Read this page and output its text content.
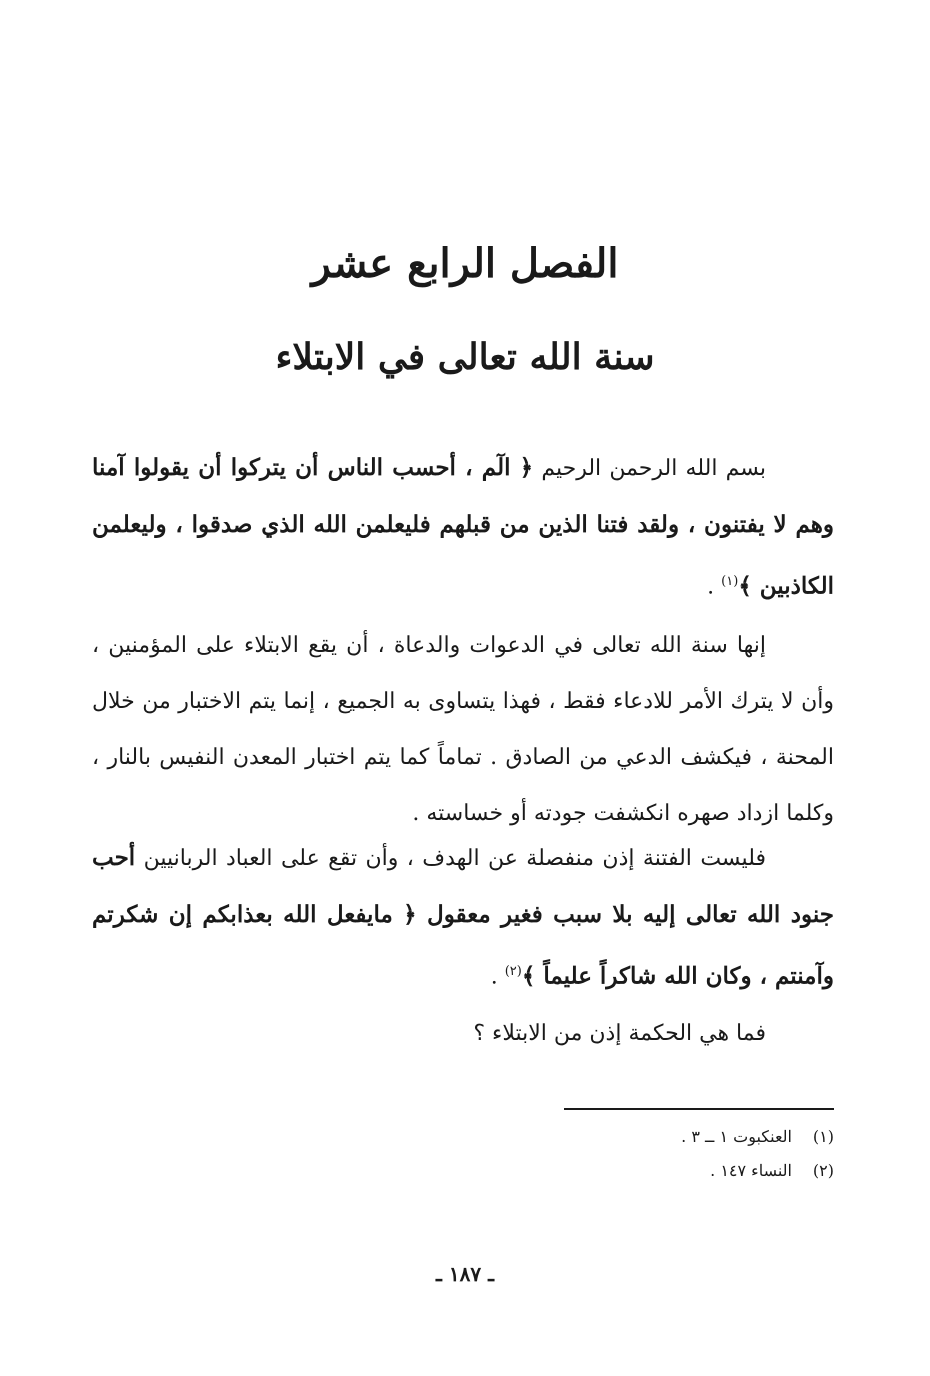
الفصل الرابع عشر
سنة الله تعالى في الابتلاء
بسم الله الرحمن الرحيم ﴿ الٓم ، أحسب الناس أن يتركوا أن يقولوا آمنا وهم لا يفتنون ، ولقد فتنا الذين من قبلهم فليعلمن الله الذي صدقوا ، وليعلمن الكاذبين ﴾$^{(١)}$ .
إنها سنة الله تعالى في الدعوات والدعاة ، أن يقع الابتلاء على المؤمنين ، وأن لا يترك الأمر للادعاء فقط ، فهذا يتساوى به الجميع ، إنما يتم الاختبار من خلال المحنة ، فيكشف الدعي من الصادق . تماماً كما يتم اختبار المعدن النفيس بالنار ، وكلما ازداد صهره انكشفت جودته أو خساسته .
فليست الفتنة إذن منفصلة عن الهدف ، وأن تقع على العباد الربانيين أحب جنود الله تعالى إليه بلا سبب فغير معقول ﴿ مايفعل الله بعذابكم إن شكرتم وآمنتم ، وكان الله شاكراً عليماً ﴾$^{(٢)}$ .
فما هي الحكمة إذن من الابتلاء ؟
(١)العنكبوت ١ ــ ٣ .
(٢)النساء ١٤٧ .
ـ ١٨٧ ـ
